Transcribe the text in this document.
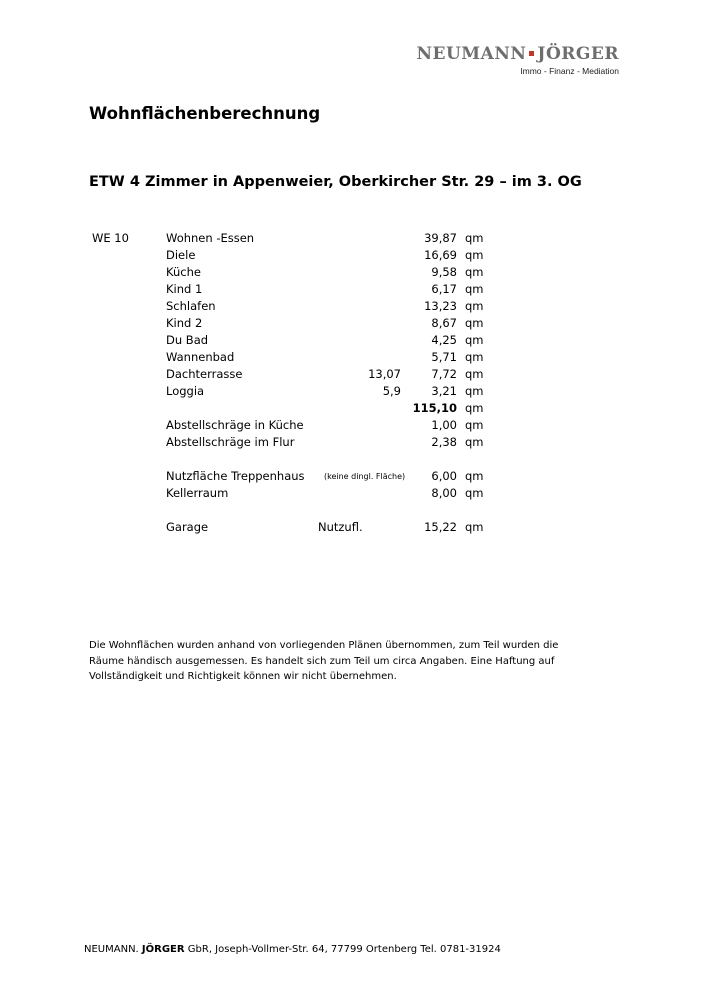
NEUMANN JÖRGER
Immo - Finanz - Mediation
Wohnflächenberechnung
ETW 4 Zimmer in Appenweier, Oberkircher Str. 29 – im 3. OG
WE 10	Wohnen -Essen	39,87 qm
Diele	16,69 qm
Küche	9,58 qm
Kind 1	6,17 qm
Schlafen	13,23 qm
Kind 2	8,67 qm
Du Bad	4,25 qm
Wannenbad	5,71 qm
Dachterrasse	13,07	7,72 qm
Loggia	5,9	3,21 qm
115,10 qm
Abstellschräge in Küche	1,00 qm
Abstellschräge im Flur	2,38 qm
Nutzfläche Treppenhaus (keine dingl. Fläche) 6,00 qm
Kellerraum	8,00 qm
Garage	Nutzufl.	15,22 qm
Die Wohnflächen wurden anhand von vorliegenden Plänen übernommen, zum Teil wurden die Räume händisch ausgemessen. Es handelt sich zum Teil um circa Angaben. Eine Haftung auf Vollständigkeit und Richtigkeit können wir nicht übernehmen.
NEUMANN. JÖRGER GbR, Joseph-Vollmer-Str. 64, 77799 Ortenberg Tel. 0781-31924
